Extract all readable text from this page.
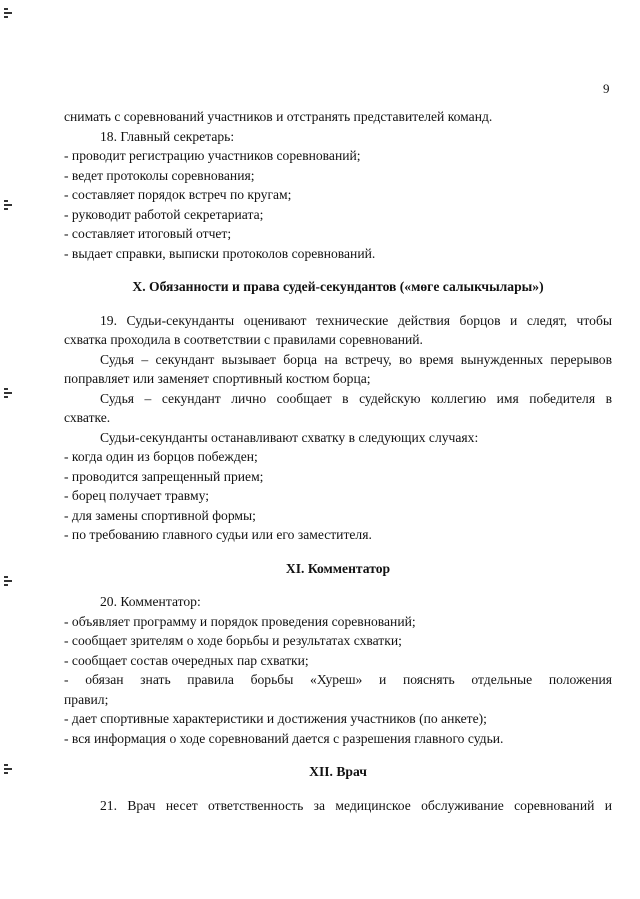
9
снимать с соревнований участников и отстранять представителей команд.
18. Главный секретарь:
- проводит регистрацию участников соревнований;
- ведет протоколы соревнования;
- составляет порядок встреч по кругам;
- руководит работой секретариата;
- составляет итоговый отчет;
- выдает справки, выписки протоколов соревнований.
X. Обязанности и права судей-секундантов («мөгe салыкчылары»)
19. Судьи-секунданты оценивают технические действия борцов и следят, чтобы
схватка проходила в соответствии с правилами соревнований.
Судья – секундант вызывает борца на встречу, во время вынужденных перерывов
поправляет или заменяет спортивный костюм борца;
Судья – секундант лично сообщает в судейскую коллегию имя победителя в
схватке.
Судьи-секунданты останавливают схватку в следующих случаях:
- когда один из борцов побежден;
- проводится запрещенный прием;
- борец получает травму;
- для замены спортивной формы;
- по требованию главного судьи или его заместителя.
XI. Комментатор
20. Комментатор:
- объявляет программу и порядок проведения соревнований;
- сообщает зрителям о ходе борьбы и результатах схватки;
- сообщает состав очередных пар схватки;
- обязан знать правила борьбы «Хуреш» и пояснять отдельные положения
правил;
- дает спортивные характеристики и достижения участников (по анкете);
- вся информация о ходе соревнований дается с разрешения главного судьи.
XII. Врач
21. Врач несет ответственность за медицинское обслуживание соревнований и
